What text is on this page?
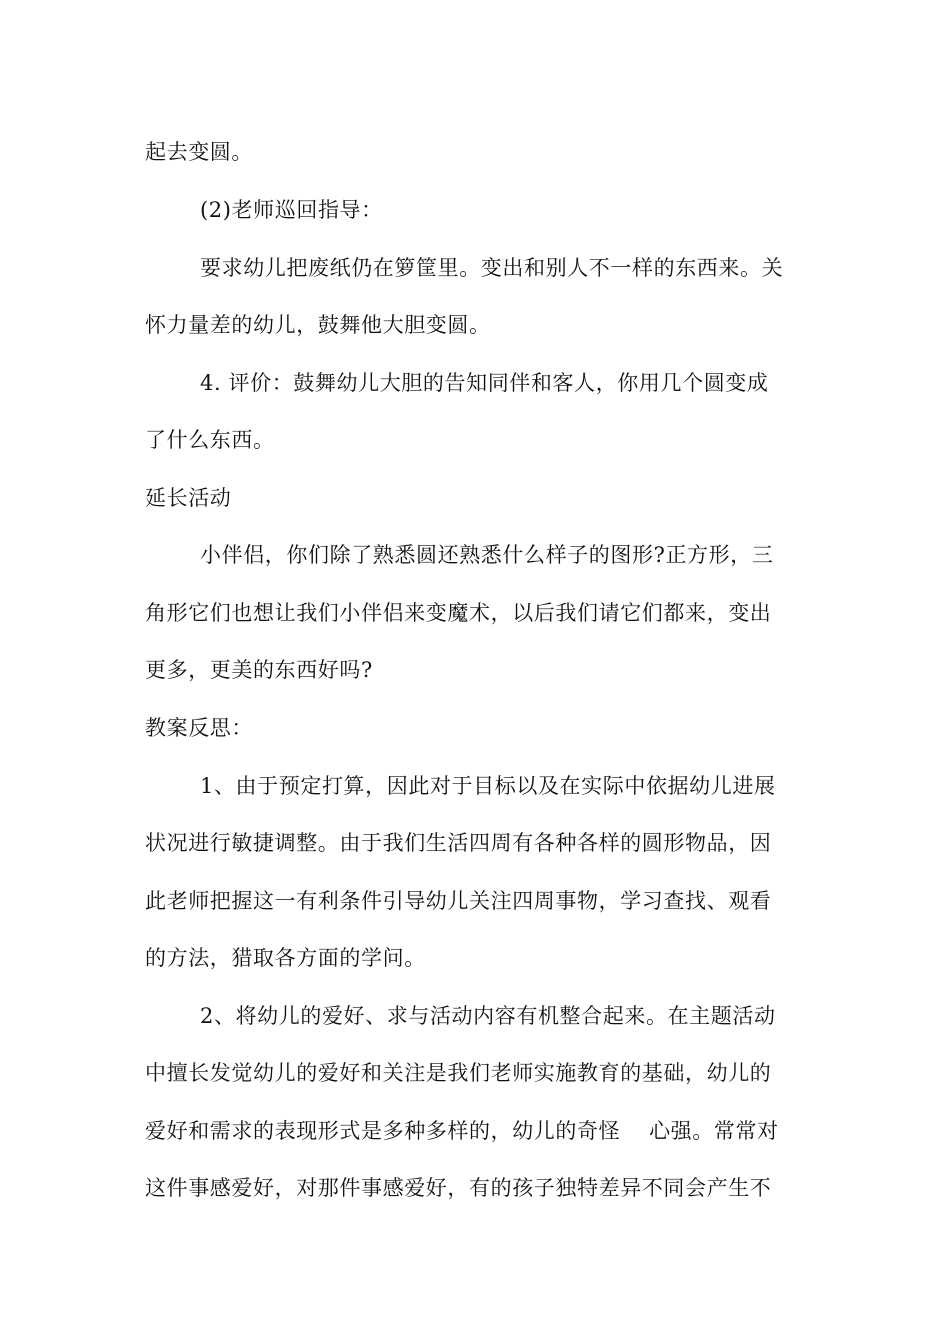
起去变圆。
(2)老师巡回指导：
要求幼儿把废纸仍在箩筐里。变出和别人不一样的东西来。关
怀力量差的幼儿，鼓舞他大胆变圆。
4. 评价：鼓舞幼儿大胆的告知同伴和客人，你用几个圆变成
了什么东西。
延长活动
小伴侣，你们除了熟悉圆还熟悉什么样子的图形?正方形，三
角形它们也想让我们小伴侣来变魔术，以后我们请它们都来，变出
更多，更美的东西好吗?
教案反思：
1、由于预定打算，因此对于目标以及在实际中依据幼儿进展
状况进行敏捷调整。由于我们生活四周有各种各样的圆形物品，因
此老师把握这一有利条件引导幼儿关注四周事物，学习查找、观看
的方法，猎取各方面的学问。
2、将幼儿的爱好、求与活动内容有机整合起来。在主题活动
中擅长发觉幼儿的爱好和关注是我们老师实施教育的基础，幼儿的
爱好和需求的表现形式是多种多样的，幼儿的奇怪　 心强。常常对
这件事感爱好，对那件事感爱好，有的孩子独特差异不同会产生不
